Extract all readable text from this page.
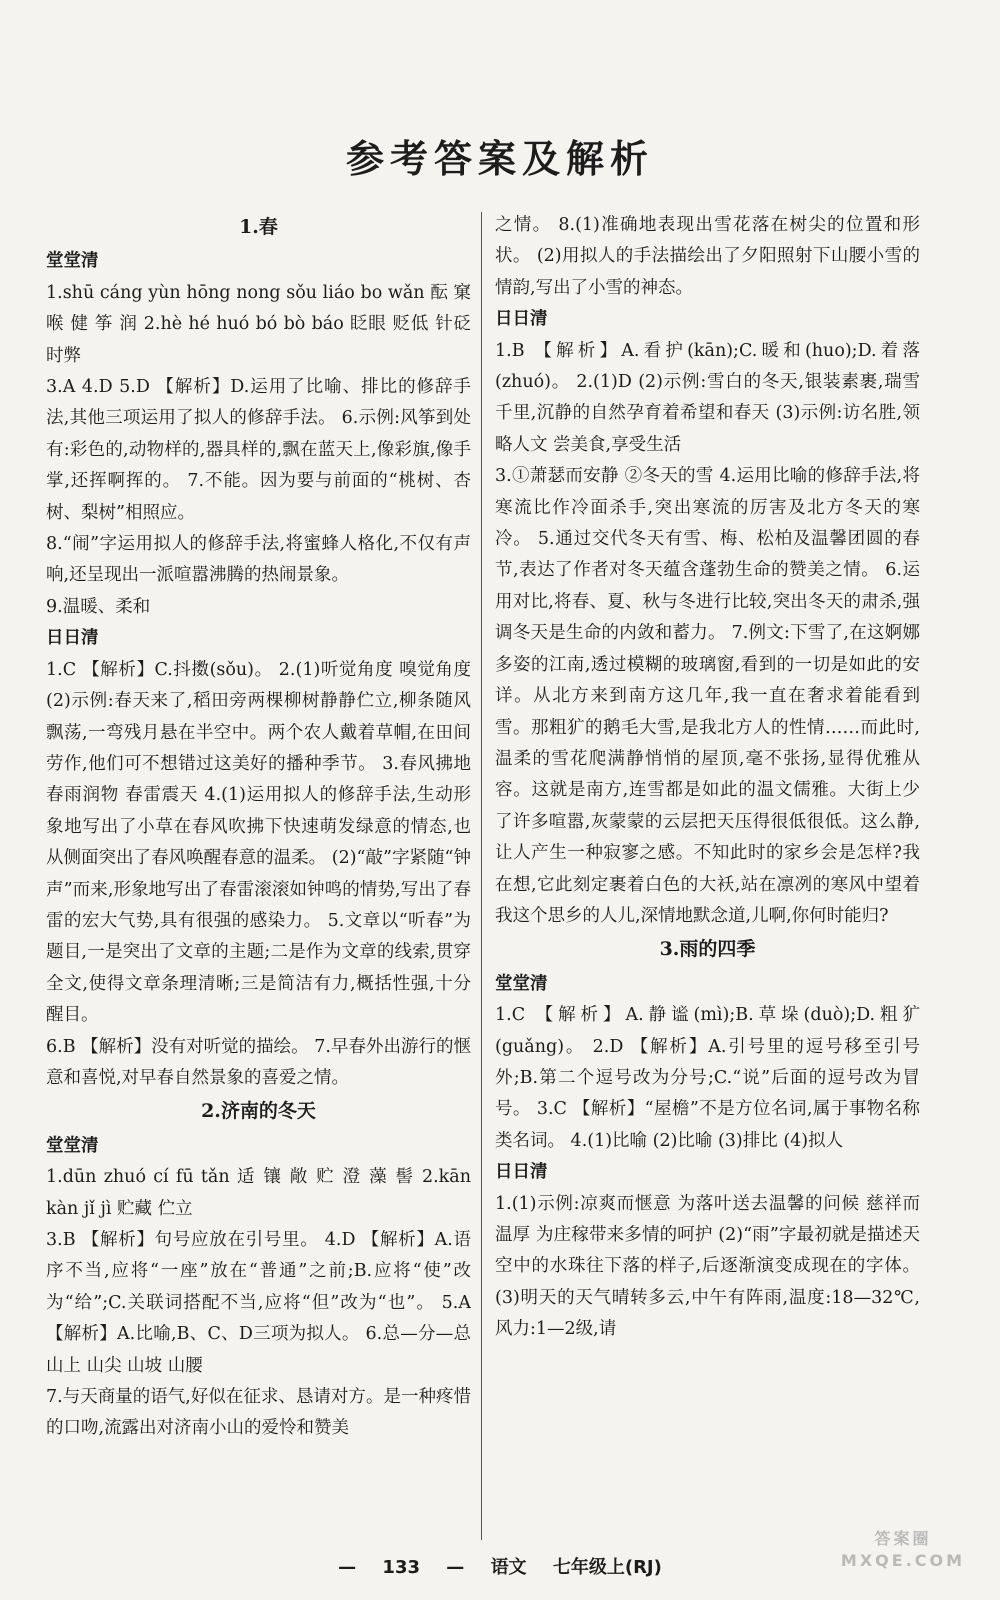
参考答案及解析
1.春
堂堂清

1.shū cáng yùn hōng nong sǒu liáo bo wǎn 酝 窠 喉 健 筝 润 2.hè hé huó bó bò báo 眨眼 贬低 针砭时弊

3.A 4.D 5.D 【解析】D.运用了比喻、排比的修辞手法,其他三项运用了拟人的修辞手法。 6.示例:风筝到处有:彩色的,动物样的,器具样的,飘在蓝天上,像彩旗,像手掌,还挥啊挥的。 7.不能。因为要与前面的“桃树、杏树、梨树”相照应。

8.“闹”字运用拟人的修辞手法,将蜜蜂人格化,不仅有声响,还呈现出一派喧嚣沸腾的热闹景象。

9.温暖、柔和

日日清

1.C 【解析】C.抖擞(sǒu)。 2.(1)听觉角度 嗅觉角度 (2)示例:春天来了,稻田旁两棵柳树静静伫立,柳条随风飘荡,一弯残月悬在半空中。两个农人戴着草帽,在田间劳作,他们可不想错过这美好的播种季节。 3.春风拂地 春雨润物 春雷震天 4.(1)运用拟人的修辞手法,生动形象地写出了小草在春风吹拂下快速萌发绿意的情态,也从侧面突出了春风唤醒春意的温柔。 (2)“敲”字紧随“钟声”而来,形象地写出了春雷滚滚如钟鸣的情势,写出了春雷的宏大气势,具有很强的感染力。 5.文章以“听春”为题目,一是突出了文章的主题;二是作为文章的线索,贯穿全文,使得文章条理清晰;三是简洁有力,概括性强,十分醒目。

6.B 【解析】没有对听觉的描绘。 7.早春外出游行的惬意和喜悦,对早春自然景象的喜爱之情。

2.济南的冬天
堂堂清

1.dūn zhuó cí fū tǎn 适 镶 敞 贮 澄 藻 髻 2.kān kàn jǐ jì 贮藏 伫立

3.B 【解析】句号应放在引号里。 4.D 【解析】A.语序不当,应将“一座”放在“普通”之前;B.应将“使”改为“给”;C.关联词搭配不当,应将“但”改为“也”。 5.A 【解析】A.比喻,B、C、D三项为拟人。 6.总—分—总 山上 山尖 山坡 山腰

7.与天商量的语气,好似在征求、恳请对方。是一种疼惜的口吻,流露出对济南小山的爱怜和赞美

之情。 8.(1)准确地表现出雪花落在树尖的位置和形状。 (2)用拟人的手法描绘出了夕阳照射下山腰小雪的情韵,写出了小雪的神态。

日日清

1.B 【解析】A.看护(kān);C.暖和(huo);D.着落(zhuó)。 2.(1)D (2)示例:雪白的冬天,银装素裹,瑞雪千里,沉静的自然孕育着希望和春天 (3)示例:访名胜,领略人文 尝美食,享受生活

3.①萧瑟而安静 ②冬天的雪 4.运用比喻的修辞手法,将寒流比作冷面杀手,突出寒流的厉害及北方冬天的寒冷。 5.通过交代冬天有雪、梅、松柏及温馨团圆的春节,表达了作者对冬天蕴含蓬勃生命的赞美之情。 6.运用对比,将春、夏、秋与冬进行比较,突出冬天的肃杀,强调冬天是生命的内敛和蓄力。 7.例文:下雪了,在这婀娜多姿的江南,透过模糊的玻璃窗,看到的一切是如此的安详。从北方来到南方这几年,我一直在奢求着能看到雪。那粗犷的鹅毛大雪,是我北方人的性情……而此时,温柔的雪花爬满静悄悄的屋顶,毫不张扬,显得优雅从容。这就是南方,连雪都是如此的温文儒雅。大街上少了许多喧嚣,灰蒙蒙的云层把天压得很低很低。这么静,让人产生一种寂寥之感。不知此时的家乡会是怎样?我在想,它此刻定裹着白色的大袄,站在凛冽的寒风中望着我这个思乡的人儿,深情地默念道,儿啊,你何时能归?

3.雨的四季
堂堂清

1.C 【解析】A.静谧(mì);B.草垛(duò);D.粗犷(guǎng)。 2.D 【解析】A.引号里的逗号移至引号外;B.第二个逗号改为分号;C.“说”后面的逗号改为冒号。 3.C 【解析】“屋檐”不是方位名词,属于事物名称类名词。 4.(1)比喻 (2)比喻 (3)排比 (4)拟人

日日清

1.(1)示例:凉爽而惬意 为落叶送去温馨的问候 慈祥而温厚 为庄稼带来多情的呵护 (2)“雨”字最初就是描述天空中的水珠往下落的样子,后逐渐演变成现在的字体。 (3)明天的天气晴转多云,中午有阵雨,温度:18—32℃,风力:1—2级,请

— 133 — 语文 七年级上(RJ)
答案圈
MXQE.COM
